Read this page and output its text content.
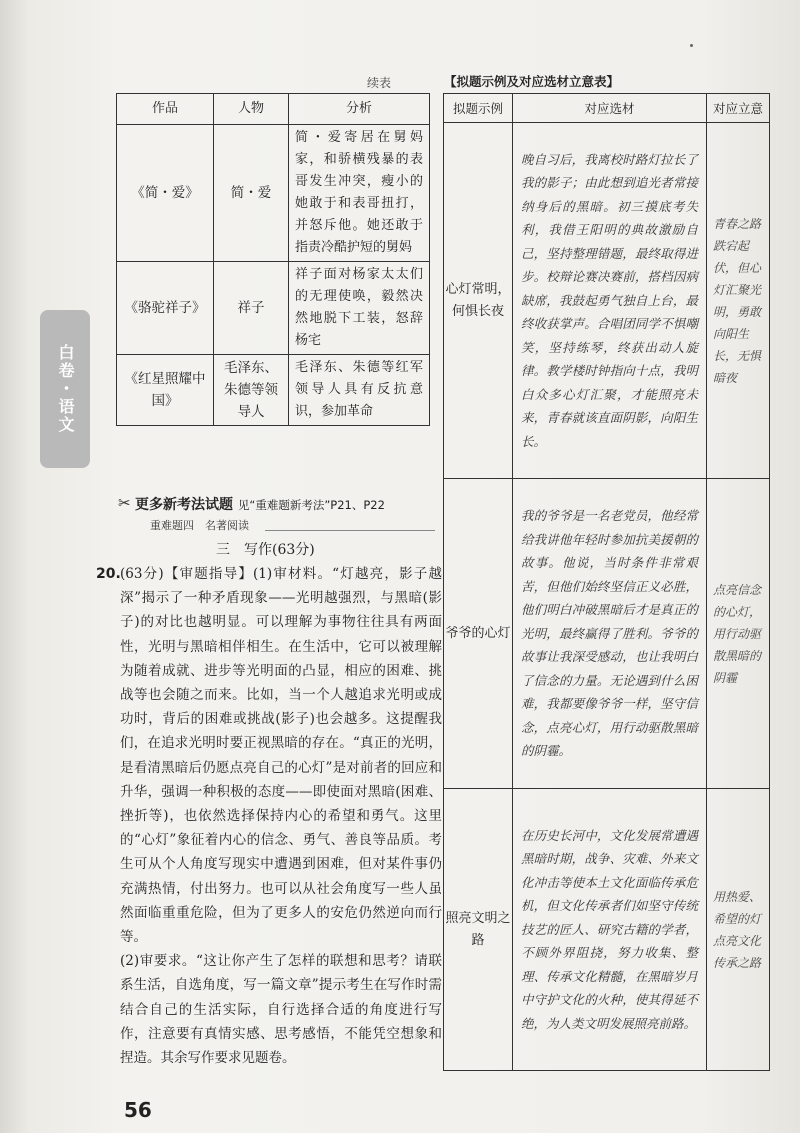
续表
作品	人物	分析
《简・爱》	简・爱	简・爱寄居在舅妈家，和骄横残暴的表哥发生冲突，瘦小的她敢于和表哥扭打，并怒斥他。她还敢于指责冷酷护短的舅妈
《骆驼祥子》	祥子	祥子面对杨家太太们的无理使唤，毅然决然地脱下工装，怒辞杨宅
《红星照耀中国》	毛泽东、朱德等领导人	毛泽东、朱德等红军领导人具有反抗意识，参加革命
白卷・语文
✂ 更多新考法试题 见“重难题新考法”P21、P22
重难题四　名著阅读
三　写作(63分)
20. (63分)【审题指导】(1)审材料。“灯越亮，影子越深”揭示了一种矛盾现象——光明越强烈，与黑暗(影子)的对比也越明显。可以理解为事物往往具有两面性，光明与黑暗相伴相生。在生活中，它可以被理解为随着成就、进步等光明面的凸显，相应的困难、挑战等也会随之而来。比如，当一个人越追求光明或成功时，背后的困难或挑战(影子)也会越多。这提醒我们，在追求光明时要正视黑暗的存在。“真正的光明，是看清黑暗后仍愿点亮自己的心灯”是对前者的回应和升华，强调一种积极的态度——即使面对黑暗(困难、挫折等)，也依然选择保持内心的希望和勇气。这里的“心灯”象征着内心的信念、勇气、善良等品质。考生可从个人角度写现实中遭遇到困难，但对某件事仍充满热情，付出努力。也可以从社会角度写一些人虽然面临重重危险，但为了更多人的安危仍然逆向而行等。

(2)审要求。“这让你产生了怎样的联想和思考？请联系生活，自选角度，写一篇文章”提示考生在写作时需结合自己的生活实际，自行选择合适的角度进行写作，注意要有真情实感、思考感悟，不能凭空想象和捏造。其余写作要求见题卷。

56
【拟题示例及对应选材立意表】
拟题示例	对应选材	对应立意
心灯常明，何惧长夜	晚自习后，我离校时路灯拉长了我的影子；由此想到追光者常接纳身后的黑暗。初三摸底考失利，我借王阳明的典故激励自己，坚持整理错题，最终取得进步。校辩论赛决赛前，搭档因病缺席，我鼓起勇气独自上台，最终收获掌声。合唱团同学不惧嘲笑，坚持练琴，终获出动人旋律。教学楼时钟指向十点，我明白众多心灯汇聚，才能照亮未来，青春就该直面阴影，向阳生长。	青春之路跌宕起伏，但心灯汇聚光明，勇敢向阳生长，无惧暗夜
爷爷的心灯	我的爷爷是一名老党员，他经常给我讲他年轻时参加抗美援朝的故事。他说，当时条件非常艰苦，但他们始终坚信正义必胜，他们明白冲破黑暗后才是真正的光明，最终赢得了胜利。爷爷的故事让我深受感动，也让我明白了信念的力量。无论遇到什么困难，我都要像爷爷一样，坚守信念，点亮心灯，用行动驱散黑暗的阴霾。	点亮信念的心灯，用行动驱散黑暗的阴霾
照亮文明之路	在历史长河中，文化发展常遭遇黑暗时期，战争、灾难、外来文化冲击等使本土文化面临传承危机，但文化传承者们如坚守传统技艺的匠人、研究古籍的学者，不顾外界阻挠，努力收集、整理、传承文化精髓，在黑暗岁月中守护文化的火种，使其得延不绝，为人类文明发展照亮前路。	用热爱、希望的灯点亮文化传承之路
